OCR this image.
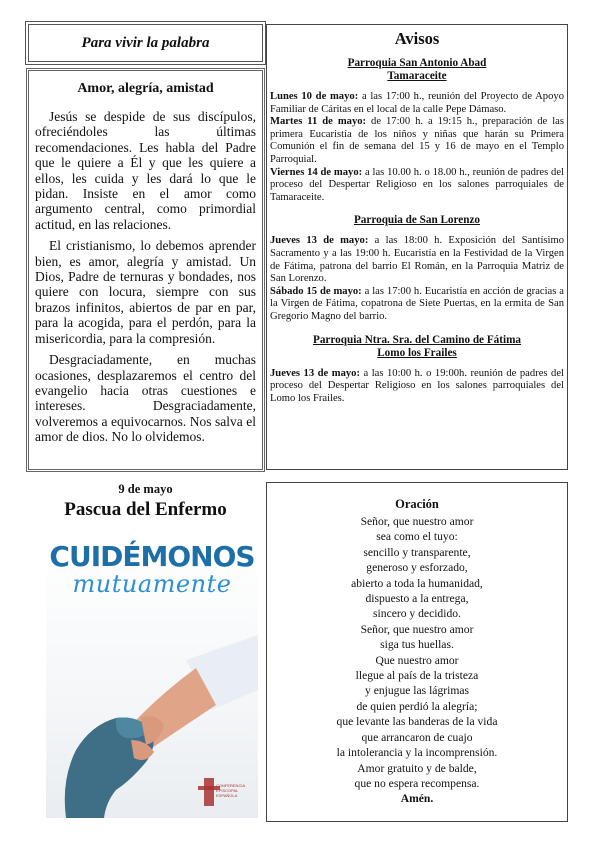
Para vivir la palabra
Amor, alegría, amistad

Jesús se despide de sus discípulos, ofreciéndoles las últimas recomendaciones. Les habla del Padre que le quiere a Él y que les quiere a ellos, les cuida y les dará lo que le pidan. Insiste en el amor como argumento central, como primordial actitud, en las relaciones.

El cristianismo, lo debemos aprender bien, es amor, alegría y amistad. Un Dios, Padre de ternuras y bondades, nos quiere con locura, siempre con sus brazos infinitos, abiertos de par en par, para la acogida, para el perdón, para la misericordia, para la compresión.

Desgraciadamente, en muchas ocasiones, desplazaremos el centro del evangelio hacia otras cuestiones e intereses. Desgraciadamente, volveremos a equivocarnos. Nos salva el amor de dios. No lo olvidemos.

Avisos
Parroquia San Antonio Abad
Tamaraceite

Lunes 10 de mayo: a las 17:00 h., reunión del Proyecto de Apoyo Familiar de Cáritas en el local de la calle Pepe Dámaso.

Martes 11 de mayo: de 17:00 h. a 19:15 h., preparación de las primera Eucaristía de los niños y niñas que harán su Primera Comunión el fin de semana del 15 y 16 de mayo en el Templo Parroquial.

Viernes 14 de mayo: a las 10.00 h. o 18.00 h., reunión de padres del proceso del Despertar Religioso en los salones parroquiales de Tamaraceite.

Parroquia de San Lorenzo

Jueves 13 de mayo: a las 18:00 h. Exposición del Santísimo Sacramento y a las 19:00 h. Eucaristía en la Festividad de la Virgen de Fátima, patrona del barrio El Román, en la Parroquia Matriz de San Lorenzo.

Sábado 15 de mayo: a las 17:00 h. Eucaristía en acción de gracias a la Virgen de Fátima, copatrona de Siete Puertas, en la ermita de San Gregorio Magno del barrio.

Parroquia Ntra. Sra. del Camino de Fátima
Lomo los Frailes

Jueves 13 de mayo: a las 10:00 h. o 19:00h. reunión de padres del proceso del Despertar Religioso en los salones parroquiales del Lomo los Frailes.

9 de mayo
Pascua del Enfermo
CUIDÉMONOS
mutuamente
CONFERENCIA EPISCOPAL ESPAÑOLA
Oración
Señor, que nuestro amor
sea como el tuyo:
sencillo y transparente,
generoso y esforzado,
abierto a toda la humanidad,
dispuesto a la entrega,
sincero y decidido.
Señor, que nuestro amor
siga tus huellas.
Que nuestro amor
llegue al país de la tristeza
y enjugue las lágrimas
de quien perdió la alegría;
que levante las banderas de la vida
que arrancaron de cuajo
la intolerancia y la incomprensión.
Amor gratuito y de balde,
que no espera recompensa.
Amén.
